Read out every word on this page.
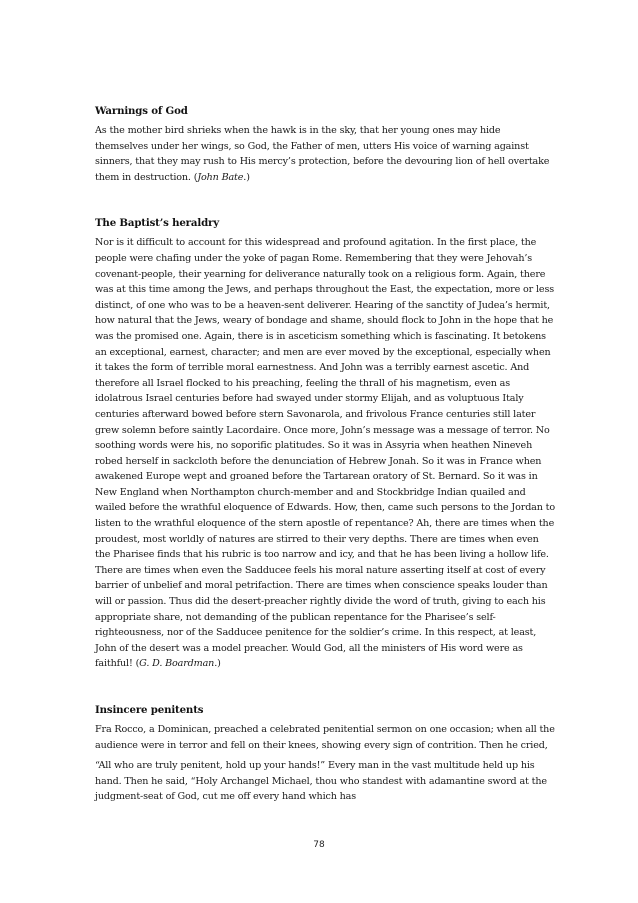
Warnings of God

As the mother bird shrieks when the hawk is in the sky, that her young ones may hide themselves under her wings, so God, the Father of men, utters His voice of warning against sinners, that they may rush to His mercy’s protection, before the devouring lion of hell overtake them in destruction. (John Bate.)

The Baptist’s heraldry

Nor is it difficult to account for this widespread and profound agitation. In the first place, the people were chafing under the yoke of pagan Rome. Remembering that they were Jehovah’s covenant-people, their yearning for deliverance naturally took on a religious form. Again, there was at this time among the Jews, and perhaps throughout the East, the expectation, more or less distinct, of one who was to be a heaven-sent deliverer. Hearing of the sanctity of Judea’s hermit, how natural that the Jews, weary of bondage and shame, should flock to John in the hope that he was the promised one. Again, there is in asceticism something which is fascinating. It betokens an exceptional, earnest, character; and men are ever moved by the exceptional, especially when it takes the form of terrible moral earnestness. And John was a terribly earnest ascetic. And therefore all Israel flocked to his preaching, feeling the thrall of his magnetism, even as idolatrous Israel centuries before had swayed under stormy Elijah, and as voluptuous Italy centuries afterward bowed before stern Savonarola, and frivolous France centuries still later grew solemn before saintly Lacordaire. Once more, John’s message was a message of terror. No soothing words were his, no soporific platitudes. So it was in Assyria when heathen Nineveh robed herself in sackcloth before the denunciation of Hebrew Jonah. So it was in France when awakened Europe wept and groaned before the Tartarean oratory of St. Bernard. So it was in New England when Northampton church-member and and Stockbridge Indian quailed and wailed before the wrathful eloquence of Edwards. How, then, came such persons to the Jordan to listen to the wrathful eloquence of the stern apostle of repentance? Ah, there are times when the proudest, most worldly of natures are stirred to their very depths. There are times when even the Pharisee finds that his rubric is too narrow and icy, and that he has been living a hollow life. There are times when even the Sadducee feels his moral nature asserting itself at cost of every barrier of unbelief and moral petrifaction. There are times when conscience speaks louder than will or passion. Thus did the desert-preacher rightly divide the word of truth, giving to each his appropriate share, not demanding of the publican repentance for the Pharisee’s self-righteousness, nor of the Sadducee penitence for the soldier’s crime. In this respect, at least, John of the desert was a model preacher. Would God, all the ministers of His word were as faithful! (G. D. Boardman.)

Insincere penitents

Fra Rocco, a Dominican, preached a celebrated penitential sermon on one occasion; when all the audience were in terror and fell on their knees, showing every sign of contrition. Then he cried,

“All who are truly penitent, hold up your hands!” Every man in the vast multitude held up his hand. Then he said, “Holy Archangel Michael, thou who standest with adamantine sword at the judgment-seat of God, cut me off every hand which has

78
